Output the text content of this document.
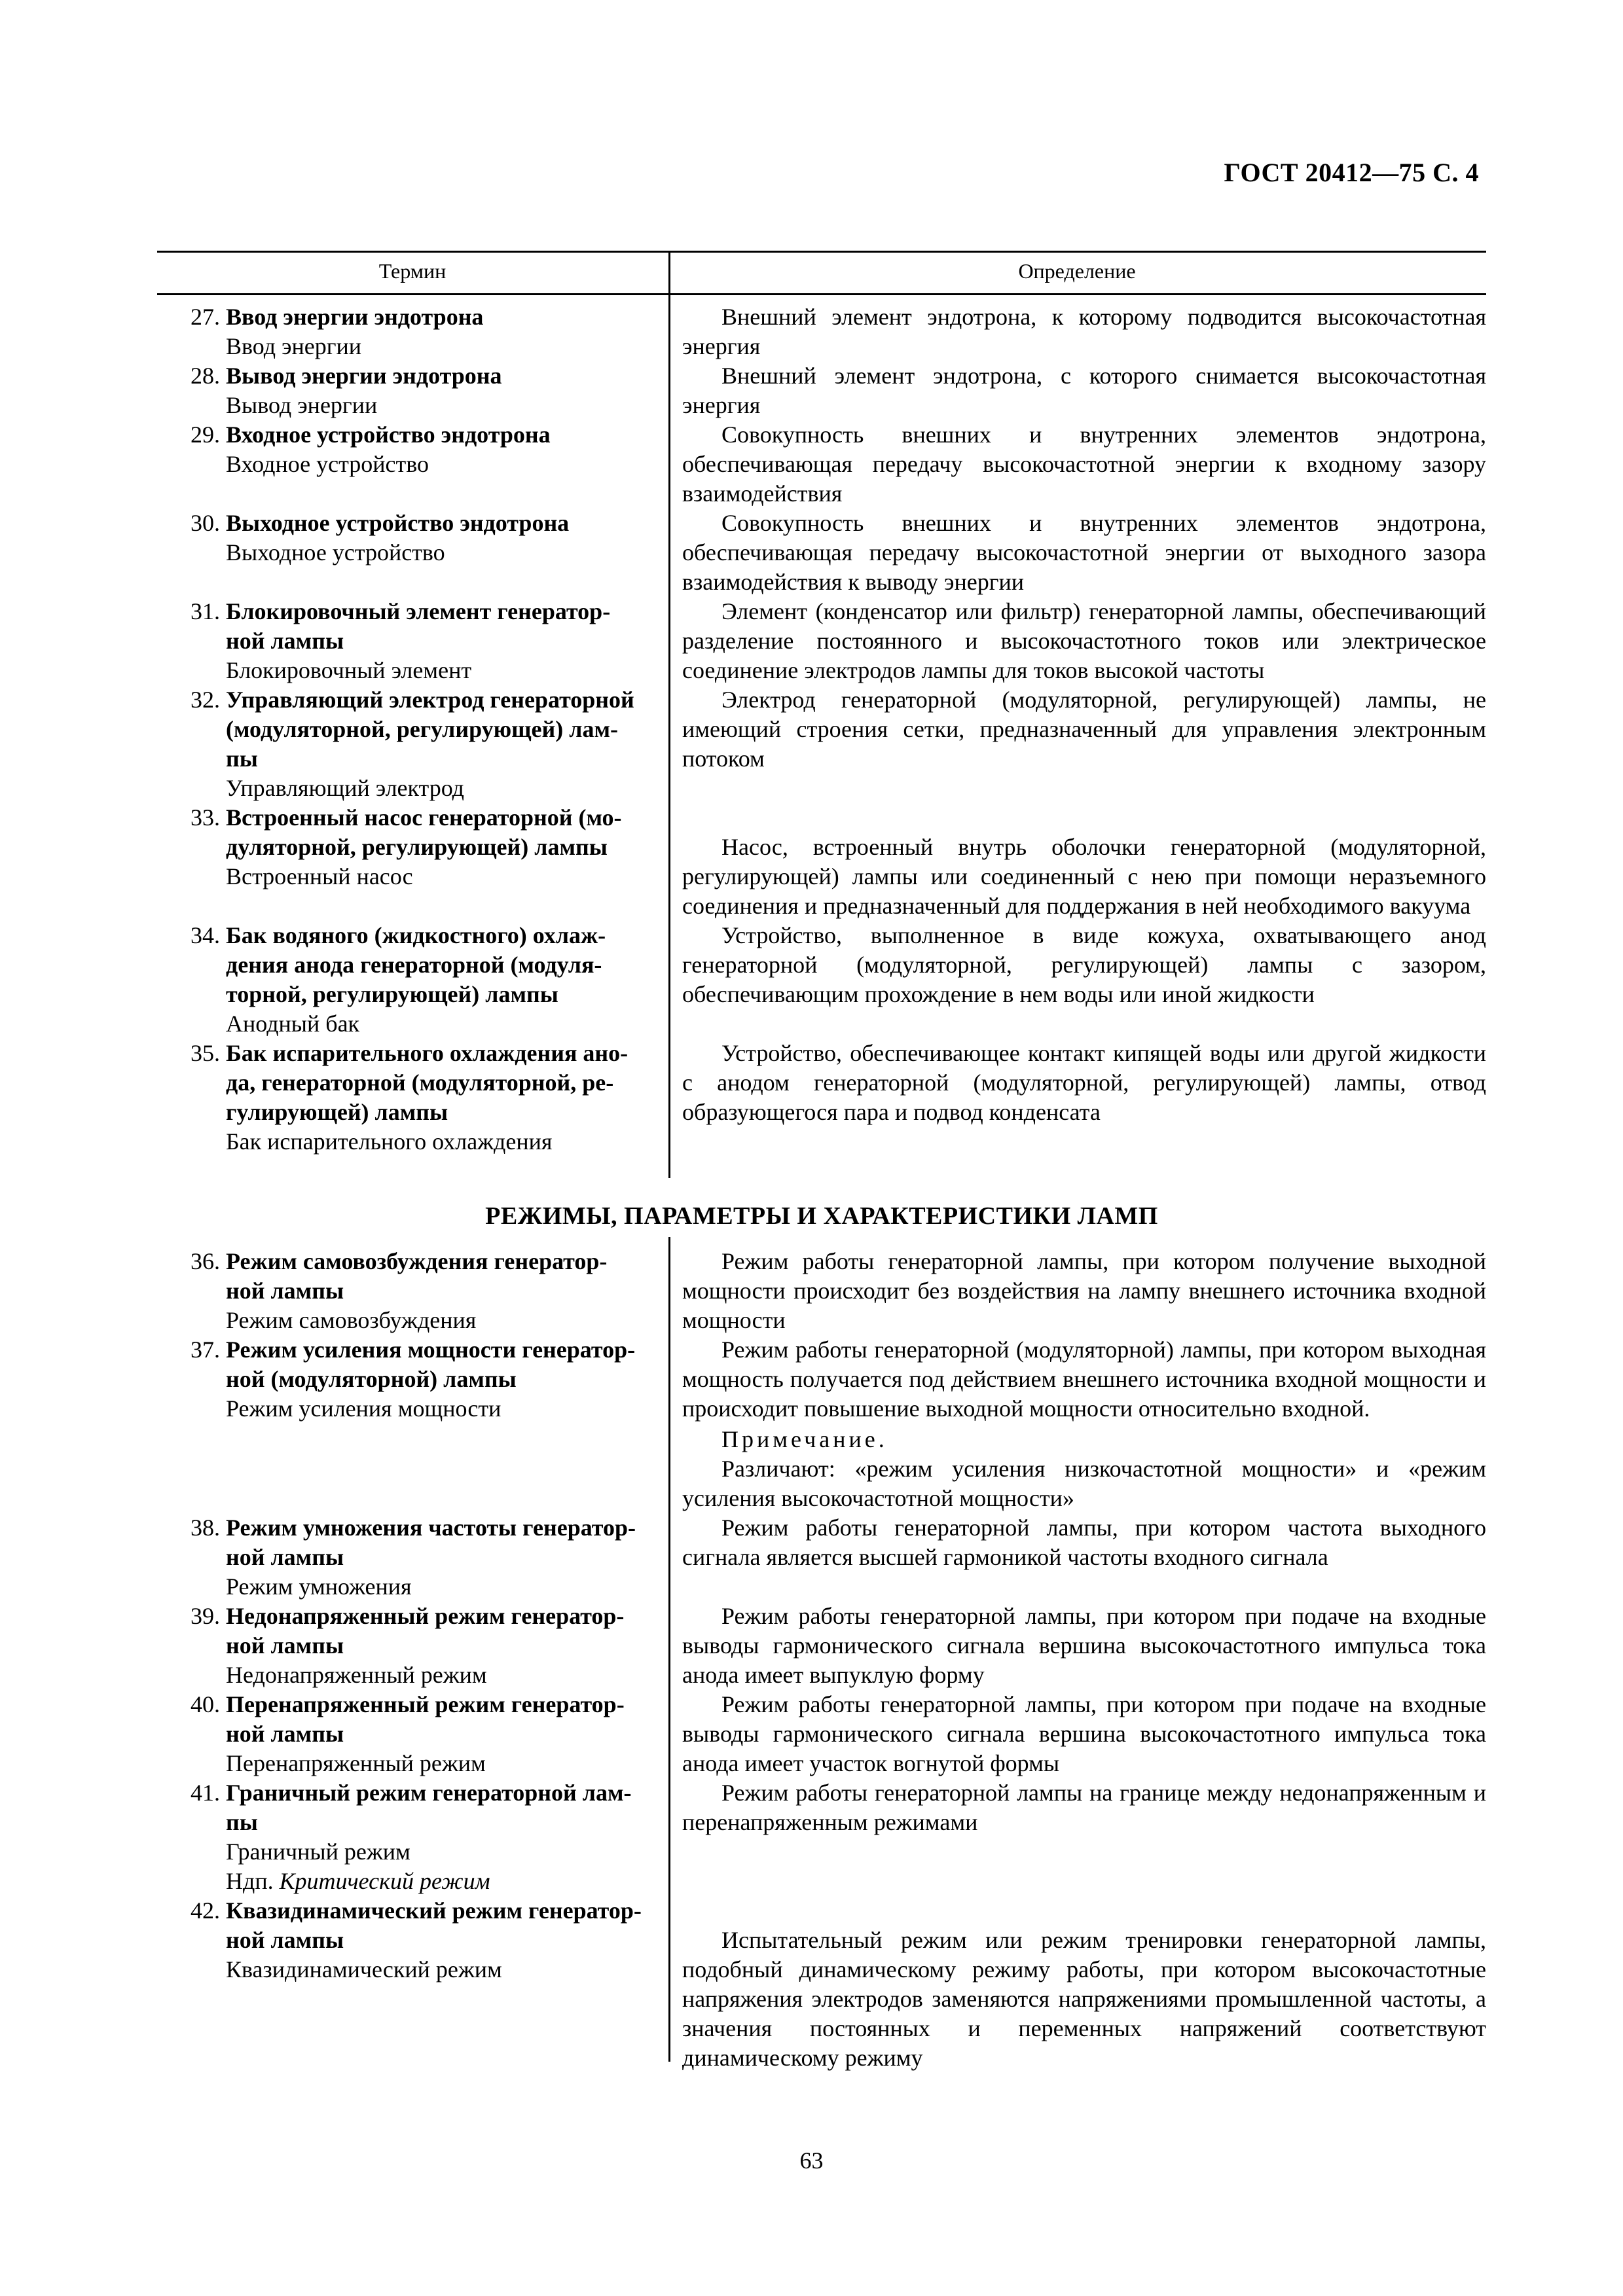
ГОСТ 20412—75 С. 4
Термин	Определение
27. Ввод энергии эндотрона
Ввод энергии
Внешний элемент эндотрона, к которому подводится высокочастотная энергия
28. Вывод энергии эндотрона
Вывод энергии
Внешний элемент эндотрона, с которого снимается высокочастотная энергия
29. Входное устройство эндотрона
Входное устройство
Совокупность внешних и внутренних элементов эндотрона, обеспечивающая передачу высокочастотной энергии к входному зазору взаимодействия
30. Выходное устройство эндотрона
Выходное устройство
Совокупность внешних и внутренних элементов эндотрона, обеспечивающая передачу высокочастотной энергии от выходного зазора взаимодействия к выводу энергии
31. Блокировочный элемент генератор-
ной лампы
Блокировочный элемент
Элемент (конденсатор или фильтр) генераторной лампы, обеспечивающий разделение постоянного и высокочастотного токов или электрическое соединение электродов лампы для токов высокой частоты
32. Управляющий электрод генераторной
(модуляторной, регулирующей) лам-
пы
Управляющий электрод
Электрод генераторной (модуляторной, регулирующей) лампы, не имеющий строения сетки, предназначенный для управления электронным потоком
33. Встроенный насос генераторной (мо-
дуляторной, регулирующей) лампы
Встроенный насос
Насос, встроенный внутрь оболочки генераторной (модуляторной, регулирующей) лампы или соединенный с нею при помощи неразъемного соединения и предназначенный для поддержания в ней необходимого вакуума
34. Бак водяного (жидкостного) охлаж-
дения анода генераторной (модуля-
торной, регулирующей) лампы
Анодный бак
Устройство, выполненное в виде кожуха, охватывающего анод генераторной (модуляторной, регулирующей) лампы с зазором, обеспечивающим прохождение в нем воды или иной жидкости
35. Бак испарительного охлаждения ано-
да, генераторной (модуляторной, ре-
гулирующей) лампы
Бак испарительного охлаждения
Устройство, обеспечивающее контакт кипящей воды или другой жидкости с анодом генераторной (модуляторной, регулирующей) лампы, отвод образующегося пара и подвод конденсата
РЕЖИМЫ, ПАРАМЕТРЫ И ХАРАКТЕРИСТИКИ ЛАМП
36. Режим самовозбуждения генератор-
ной лампы
Режим самовозбуждения
Режим работы генераторной лампы, при котором получение выходной мощности происходит без воздействия на лампу внешнего источника входной мощности
37. Режим усиления мощности генератор-
ной (модуляторной) лампы
Режим усиления мощности
Режим работы генераторной (модуляторной) лампы, при котором выходная мощность получается под действием внешнего источника входной мощности и происходит повышение выходной мощности относительно входной.
Примечание.
Различают: «режим усиления низкочастотной мощности» и «режим усиления высокочастотной мощности»
38. Режим умножения частоты генератор-
ной лампы
Режим умножения
Режим работы генераторной лампы, при котором частота выходного сигнала является высшей гармоникой частоты входного сигнала
39. Недонапряженный режим генератор-
ной лампы
Недонапряженный режим
Режим работы генераторной лампы, при котором при подаче на входные выводы гармонического сигнала вершина высокочастотного импульса тока анода имеет выпуклую форму
40. Перенапряженный режим генератор-
ной лампы
Перенапряженный режим
Режим работы генераторной лампы, при котором при подаче на входные выводы гармонического сигнала вершина высокочастотного импульса тока анода имеет участок вогнутой формы
41. Граничный режим генераторной лам-
пы
Граничный режим
Ндп. Критический режим
Режим работы генераторной лампы на границе между недонапряженным и перенапряженным режимами
42. Квазидинамический режим генератор-
ной лампы
Квазидинамический режим
Испытательный режим или режим тренировки генераторной лампы, подобный динамическому режиму работы, при котором высокочастотные напряжения электродов заменяются напряжениями промышленной частоты, а значения постоянных и переменных напряжений соответствуют динамическому режиму
63
